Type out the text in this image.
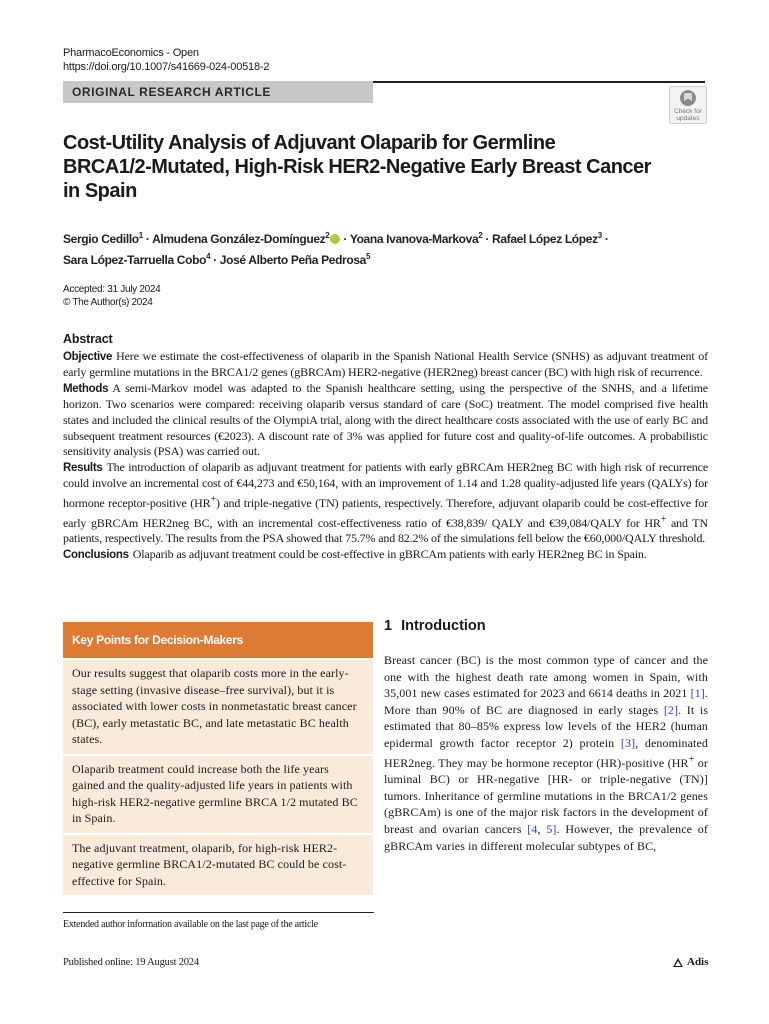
PharmacoEconomics - Open
https://doi.org/10.1007/s41669-024-00518-2
ORIGINAL RESEARCH ARTICLE
Check for
updates
Cost-Utility Analysis of Adjuvant Olaparib for Germline
BRCA1/2-Mutated, High-Risk HER2-Negative Early Breast Cancer
in Spain
Sergio Cedillo$^1$ · Almudena González-Domínguez$^2$ · Yoana Ivanova-Markova$^2$ · Rafael López López$^3$ ·
Sara López-Tarruella Cobo$^4$ · José Alberto Peña Pedrosa$^5$
Accepted: 31 July 2024
© The Author(s) 2024
Abstract

Objective Here we estimate the cost-effectiveness of olaparib in the Spanish National Health Service (SNHS) as adjuvant treatment of early germline mutations in the BRCA1/2 genes (gBRCAm) HER2-negative (HER2neg) breast cancer (BC) with high risk of recurrence.

Methods A semi-Markov model was adapted to the Spanish healthcare setting, using the perspective of the SNHS, and a lifetime horizon. Two scenarios were compared: receiving olaparib versus standard of care (SoC) treatment. The model comprised five health states and included the clinical results of the OlympiA trial, along with the direct healthcare costs associated with the use of early BC and subsequent treatment resources (€2023). A discount rate of 3% was applied for future cost and quality-of-life outcomes. A probabilistic sensitivity analysis (PSA) was carried out.

Results The introduction of olaparib as adjuvant treatment for patients with early gBRCAm HER2neg BC with high risk of recurrence could involve an incremental cost of €44,273 and €50,164, with an improvement of 1.14 and 1.28 quality-adjusted life years (QALYs) for hormone receptor-positive (HR+) and triple-negative (TN) patients, respectively. Therefore, adjuvant olaparib could be cost-effective for early gBRCAm HER2neg BC, with an incremental cost-effectiveness ratio of €38,839/ QALY and €39,084/QALY for HR+ and TN patients, respectively. The results from the PSA showed that 75.7% and 82.2% of the simulations fell below the €60,000/QALY threshold.

Conclusions Olaparib as adjuvant treatment could be cost-effective in gBRCAm patients with early HER2neg BC in Spain.

Key Points for Decision-Makers
Our results suggest that olaparib costs more in the early-stage setting (invasive disease–free survival), but it is associated with lower costs in nonmetastatic breast cancer (BC), early metastatic BC, and late metastatic BC health states.
Olaparib treatment could increase both the life years gained and the quality-adjusted life years in patients with high-risk HER2-negative germline BRCA 1/2 mutated BC in Spain.
The adjuvant treatment, olaparib, for high-risk HER2-negative germline BRCA1/2-mutated BC could be cost-effective for Spain.
1 Introduction
Breast cancer (BC) is the most common type of cancer and the one with the highest death rate among women in Spain, with 35,001 new cases estimated for 2023 and 6614 deaths in 2021 [1]. More than 90% of BC are diagnosed in early stages [2]. It is estimated that 80–85% express low levels of the HER2 (human epidermal growth factor receptor 2) protein [3], denominated HER2neg. They may be hormone receptor (HR)-positive (HR+ or luminal BC) or HR-negative [HR- or triple-negative (TN)] tumors. Inheritance of germline mutations in the BRCA1/2 genes (gBRCAm) is one of the major risk factors in the development of breast and ovarian cancers [4, 5]. However, the prevalence of gBRCAm varies in different molecular subtypes of BC,
Extended author information available on the last page of the article
Published online: 19 August 2024	Adis
